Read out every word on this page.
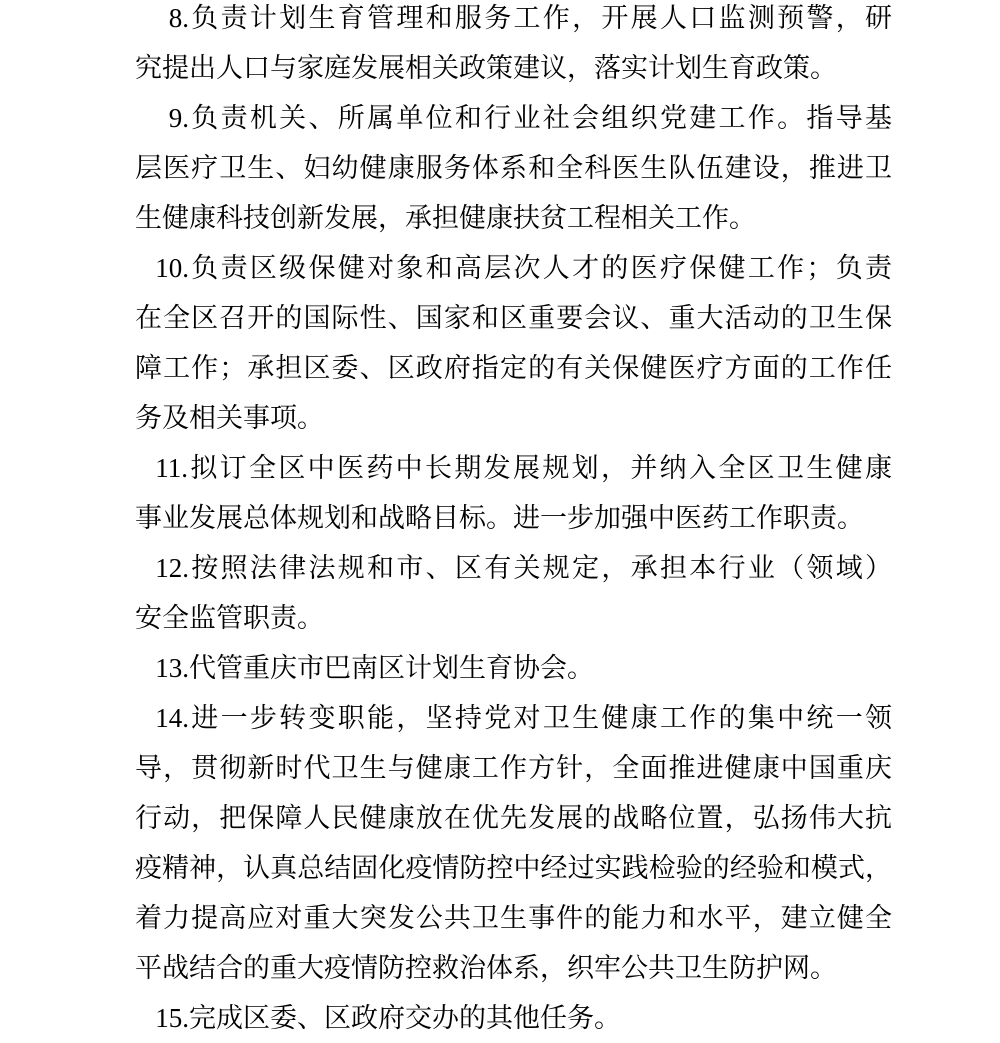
8.负责计划生育管理和服务工作，开展人口监测预警，研
究提出人口与家庭发展相关政策建议，落实计划生育政策。

9.负责机关、所属单位和行业社会组织党建工作。指导基
层医疗卫生、妇幼健康服务体系和全科医生队伍建设，推进卫
生健康科技创新发展，承担健康扶贫工程相关工作。

10.负责区级保健对象和高层次人才的医疗保健工作；负责
在全区召开的国际性、国家和区重要会议、重大活动的卫生保
障工作；承担区委、区政府指定的有关保健医疗方面的工作任
务及相关事项。

11.拟订全区中医药中长期发展规划，并纳入全区卫生健康
事业发展总体规划和战略目标。进一步加强中医药工作职责。

12.按照法律法规和市、区有关规定，承担本行业（领域）
安全监管职责。

13.代管重庆市巴南区计划生育协会。

14.进一步转变职能，坚持党对卫生健康工作的集中统一领
导，贯彻新时代卫生与健康工作方针，全面推进健康中国重庆
行动，把保障人民健康放在优先发展的战略位置，弘扬伟大抗
疫精神，认真总结固化疫情防控中经过实践检验的经验和模式，
着力提高应对重大突发公共卫生事件的能力和水平，建立健全
平战结合的重大疫情防控救治体系，织牢公共卫生防护网。

15.完成区委、区政府交办的其他任务。
